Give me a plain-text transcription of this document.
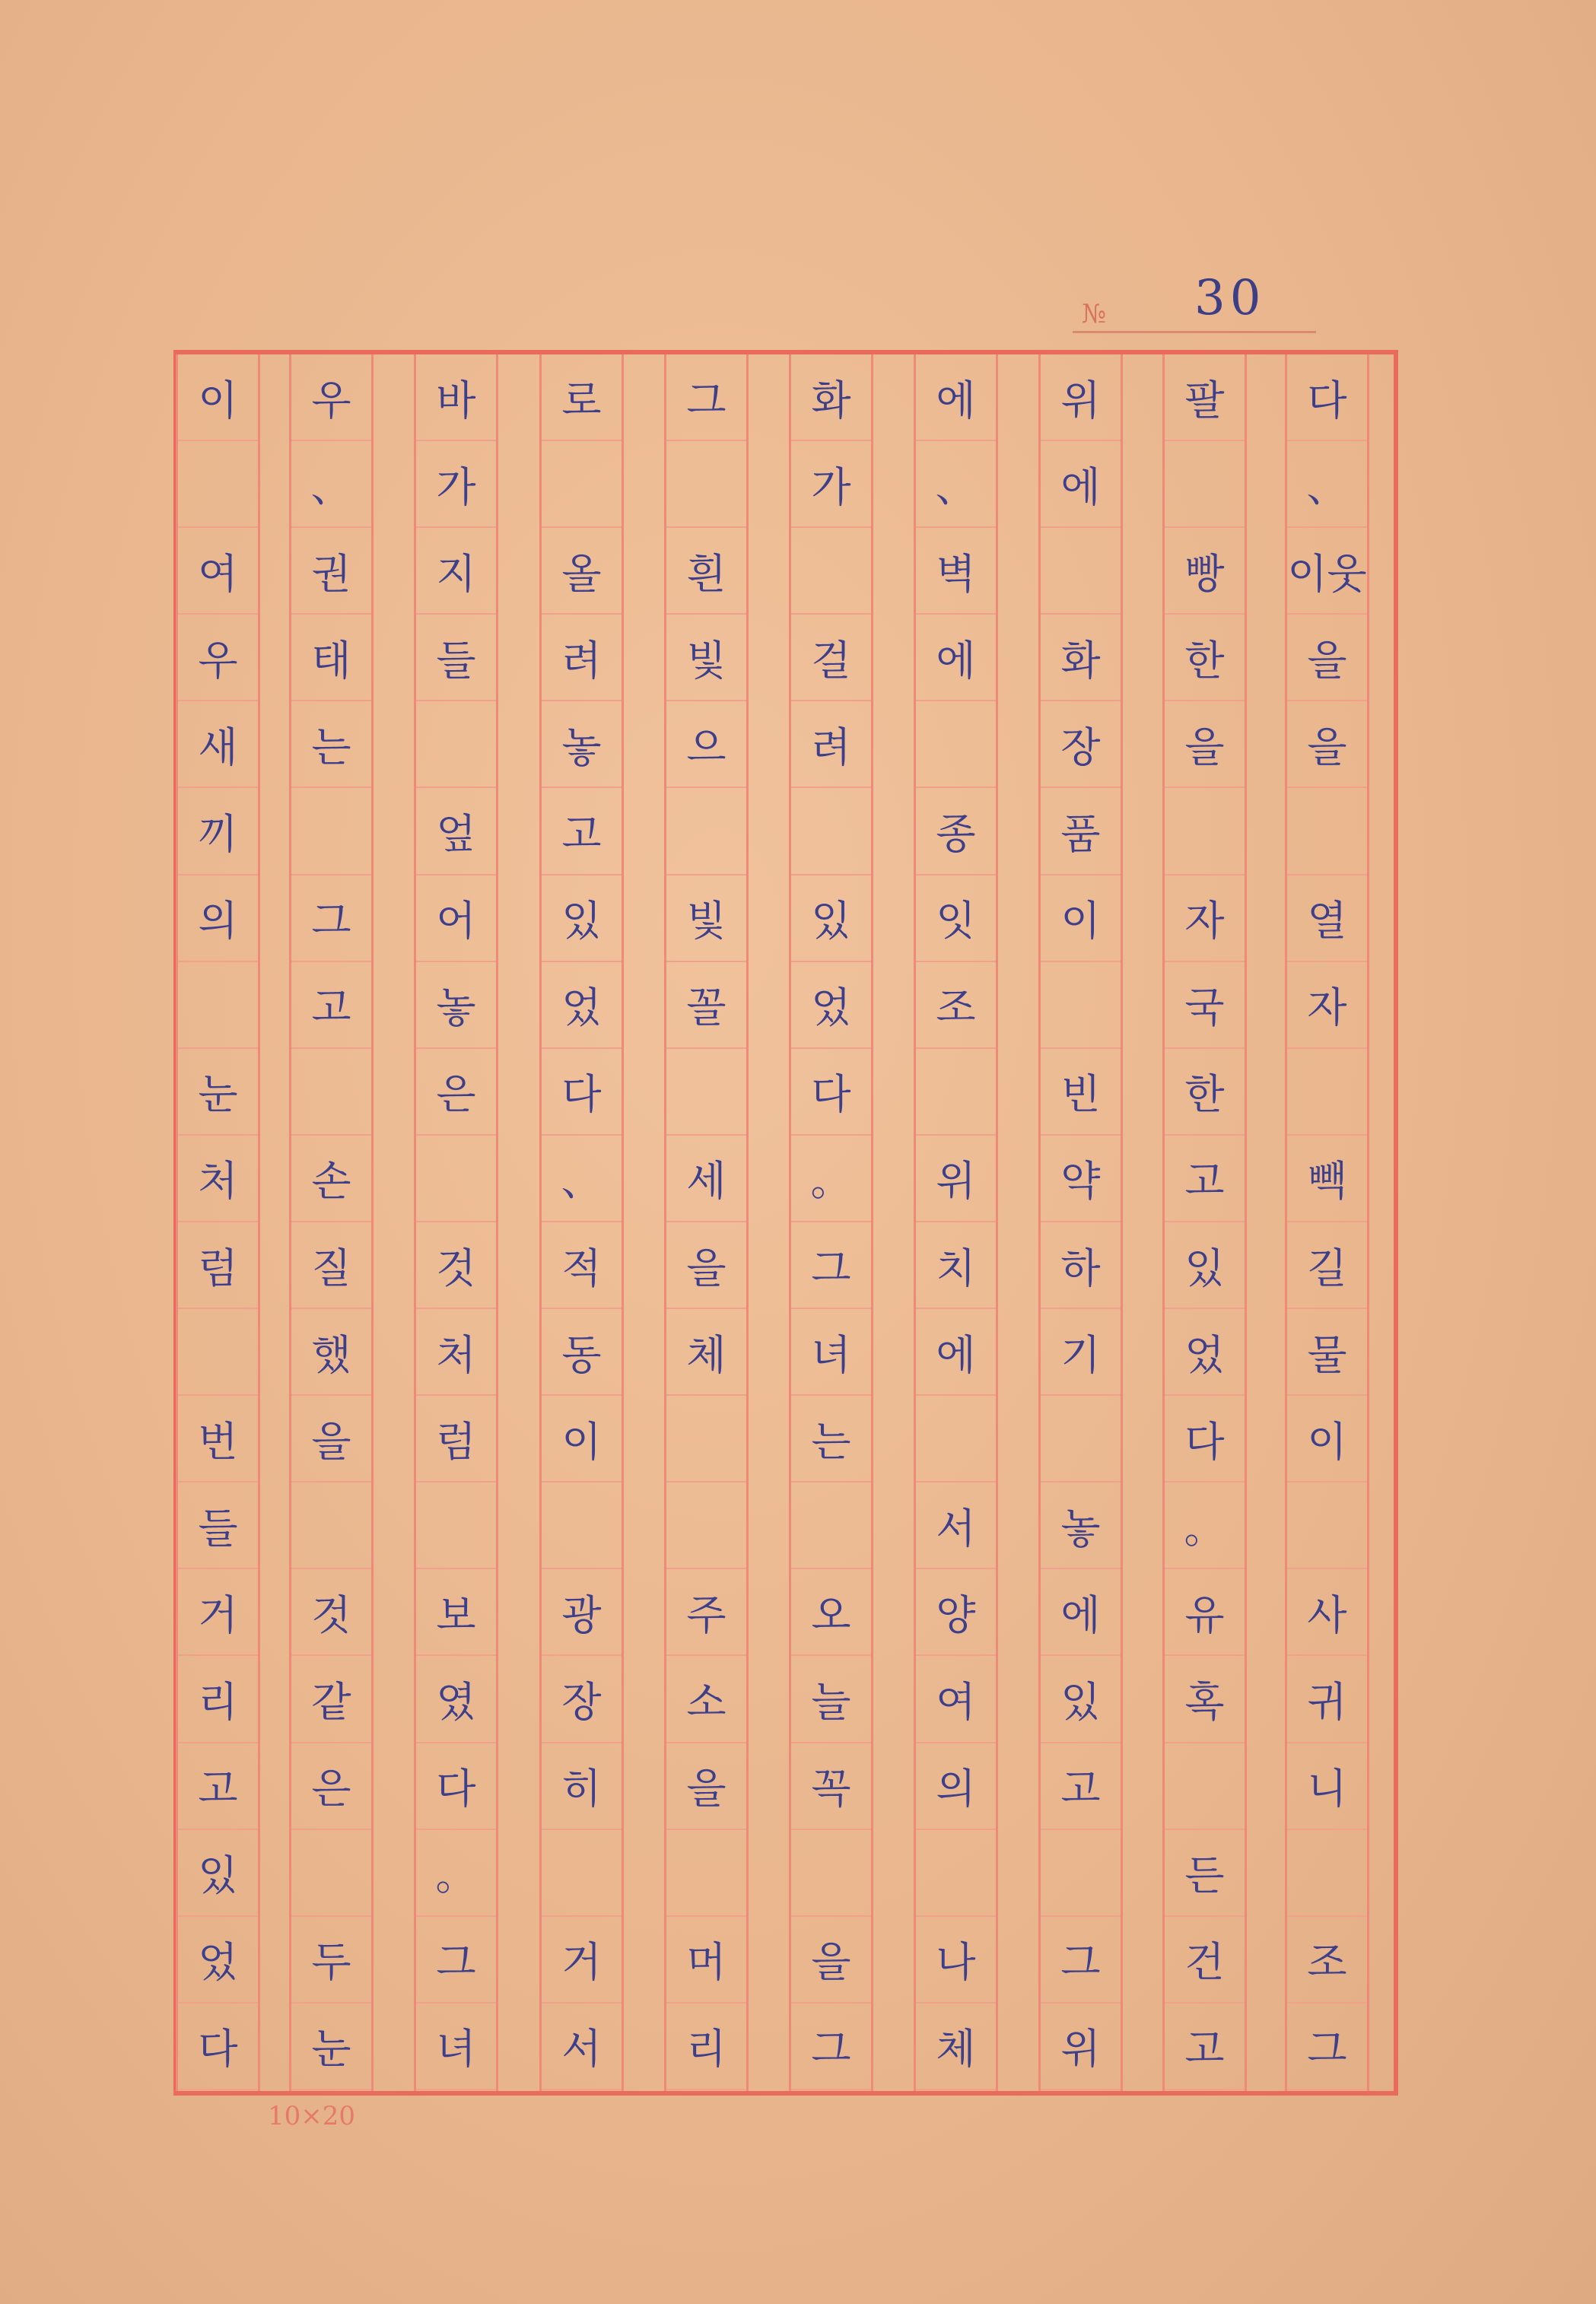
№ 30
다
、
이웃
을
을
열
자
빽
길
물
이
사
귀
니
조
그
팔
빵
한
을
자
국
한
고
있
었
다
。
유
혹
든
건
고
위
에
화
장
품
이
빈
약
하
기
놓
에
있
고
그
위
에
、
벽
에
종
잇
조
위
치
에
서
양
여
의
나
체
화
가
걸
려
있
었
다
。
그
녀
는
오
늘
꼭
을
그
그
흰
빛
으
빛
꼴
세
을
체
주
소
을
머
리
로
올
려
놓
고
있
었
다
、
적
동
이
광
장
히
거
서
바
가
지
들
엎
어
놓
은
것
처
럼
보
였
다
。
그
녀
우
、
권
태
는
그
고
손
질
했
을
것
같
은
두
눈
이
여
우
새
끼
의
눈
처
럼
번
들
거
리
고
있
었
다
10×20
